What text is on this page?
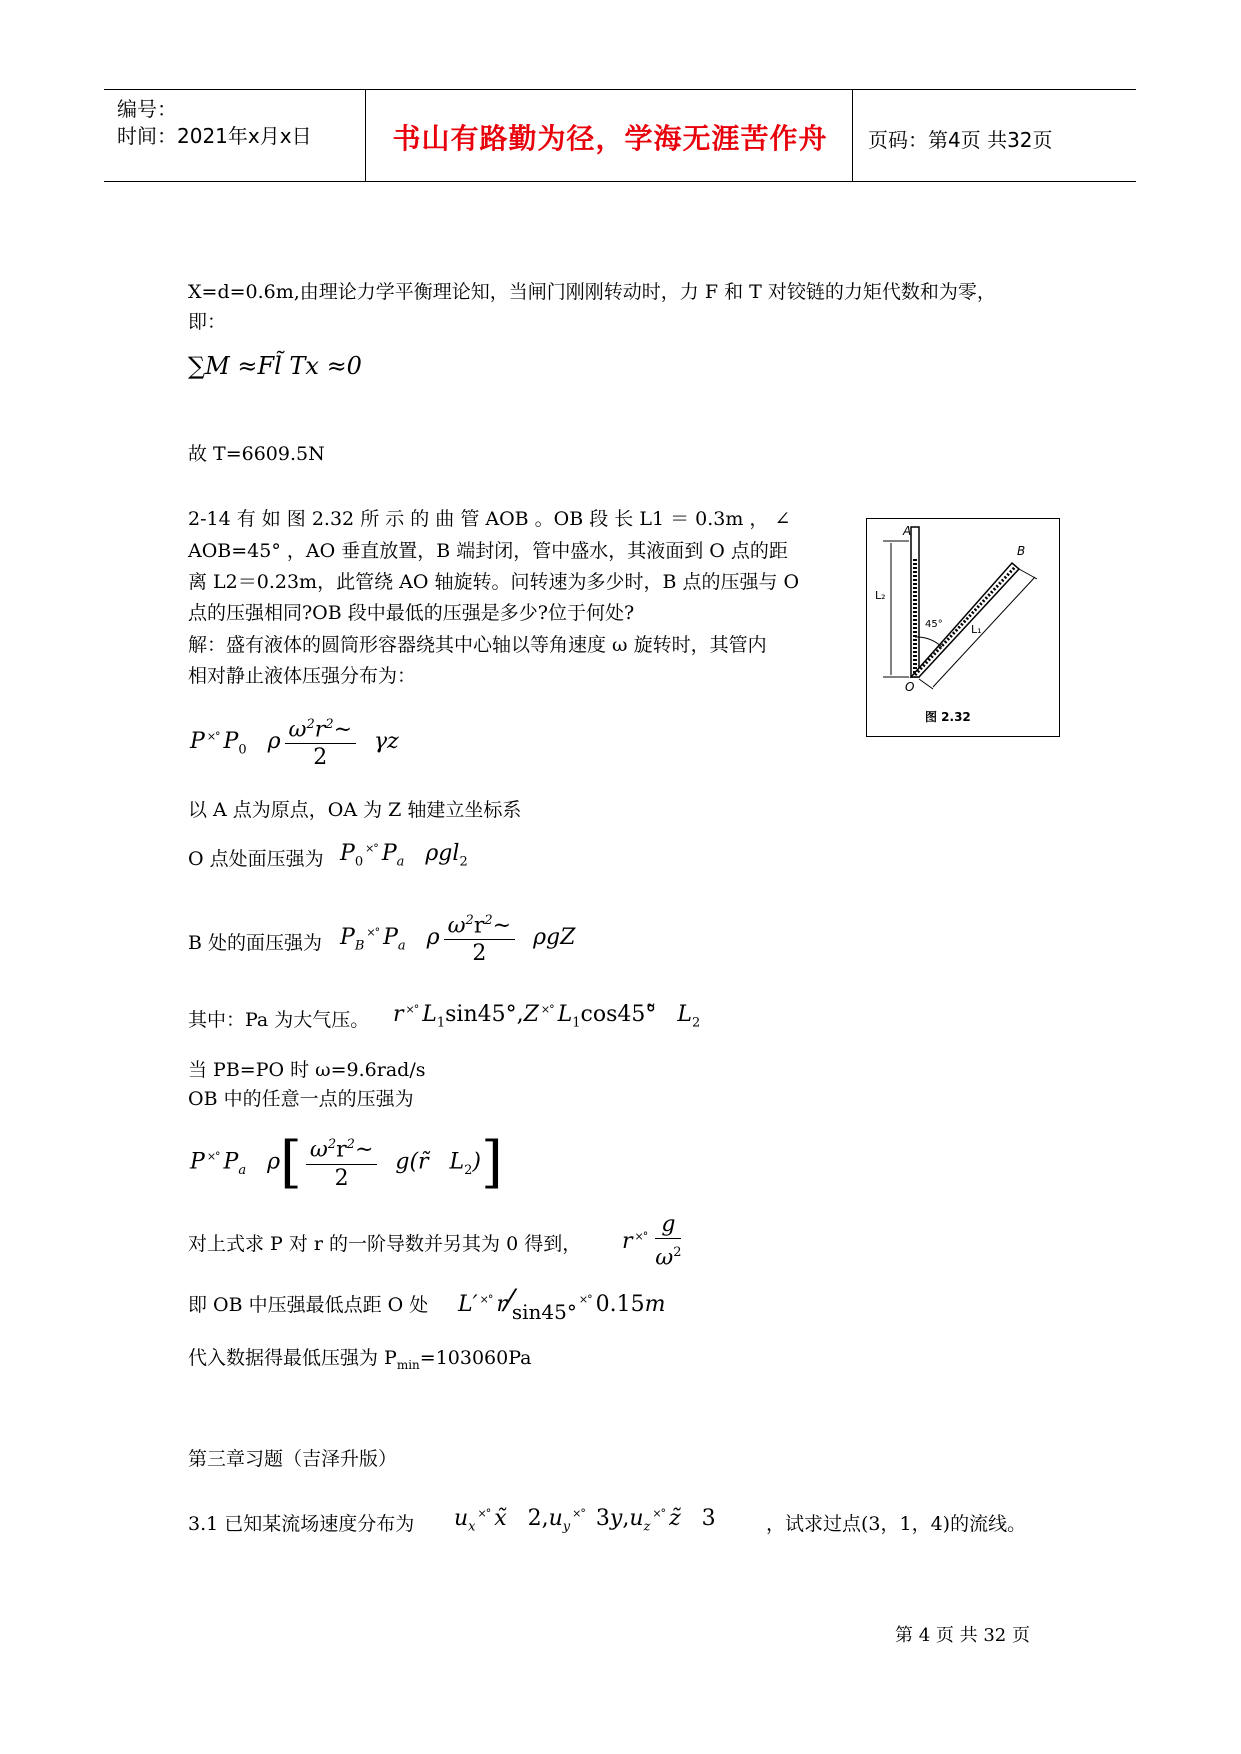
编号：
时间：2021年x月x日	书山有路勤为径，学海无涯苦作舟	页码：第4页 共32页
X=d=0.6m,由理论力学平衡理论知，当闸门刚刚转动时，力 F 和 T 对铰链的力矩代数和为零，
即：
∑M ≈Fl̃ Tx ≈0
故 T=6609.5N
2-14 有 如 图 2.32 所 示 的 曲 管 AOB 。OB 段 长 L1 ＝ 0.3m ， ∠
AOB=45° ，AO 垂直放置，B 端封闭，管中盛水，其液面到 O 点的距
离 L2＝0.23m，此管绕 AO 轴旋转。问转速为多少时，B 点的压强与 O
点的压强相同?OB 段中最低的压强是多少?位于何处?
解：盛有液体的圆筒形容器绕其中心轴以等角速度 ω 旋转时，其管内
相对静止液体压强分布为：
A
B
O
L₂
L₁
45°
图 2.32
P ×° $P_0$   ρ $\frac{\omega^2r^2\sim}{2}$ γz
以 A 点为原点，OA 为 Z 轴建立坐标系
O 点处面压强为 $P_0^{\times^\circ}$ $P_a$   ρgl$_2$
B 处的面压强为 $P_B^{\times^\circ}$ $P_a$   ρ $\frac{\omega^2r^2\sim}{2}$ ρgZ
其中：Pa 为大气压。 r ×° $L_1\sin 45^\circ,Z$ ×° $L_1\cos 45^\circ̃$   $L_2$
当 PB=PO 时 ω=9.6rad/s
OB 中的任意一点的压强为
P ×° $P_a$   $\rho[ \frac{\omega^2r^2\sim}{2}$ g(r̃   $L_2$)]
对上式求 P 对 r 的一阶导数并另其为 0 得到， r $^{\times^\circ} \frac{g}{\omega^2}$
即 OB 中压强最低点距 O 处 L′ ×° r⁄sin45°×° 0.15m
代入数据得最低压强为 $P_{min}=103060Pa$
第三章习题（吉泽升版）
3.1 已知某流场速度分布为 $u_x^{\times^\circ}$ x̃   $2,u_y^{\times^\circ}$ $3y,u_z^{\times^\circ}$ z̃   3	，试求过点(3，1，4)的流线。
第 4 页 共 32 页
